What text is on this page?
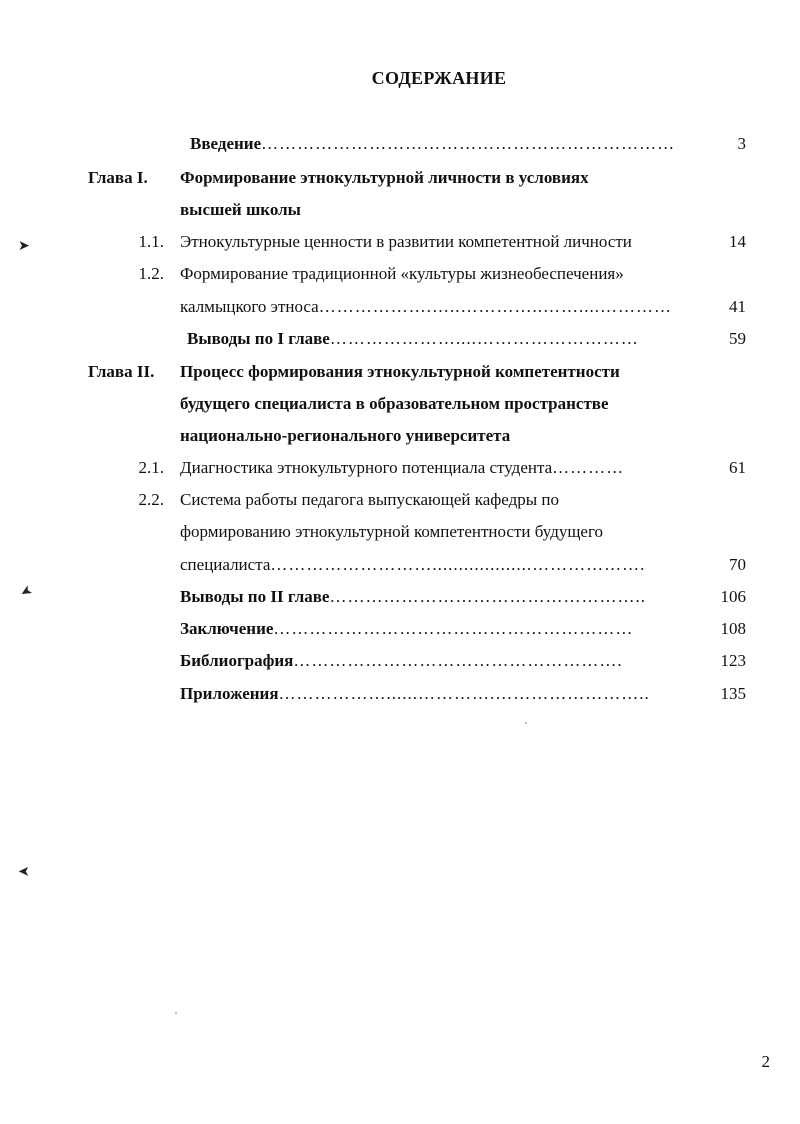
СОДЕРЖАНИЕ
Введение ……………………………………………………………	3
Глава I. Формирование этнокультурной личности в условиях
высшей школы
1.1. Этнокультурные ценности в развитии компетентной личности	14
1.2. Формирование традиционной «культуры жизнеобеспечения»
калмыцкого этноса ……………….…..…………..……....…………	41
Выводы по I главе …………………....………………………	59
Глава II. Процесс формирования этнокультурной компетентности
будущего специалиста в образовательном пространстве
национально-регионального университета
2.1. Диагностика этнокультурного потенциала студента …………	61
2.2. Система работы педагога выпускающей кафедры по
формированию этнокультурной компетентности будущего
специалиста ………………………...................……………….	70
Выводы по II главе ……………………………………………..	106
Заключение ……………………………………………………	108
Библиография ……………………………………………….	123
Приложения ………………......………….……………………..	135
➤
➤
➤
2
